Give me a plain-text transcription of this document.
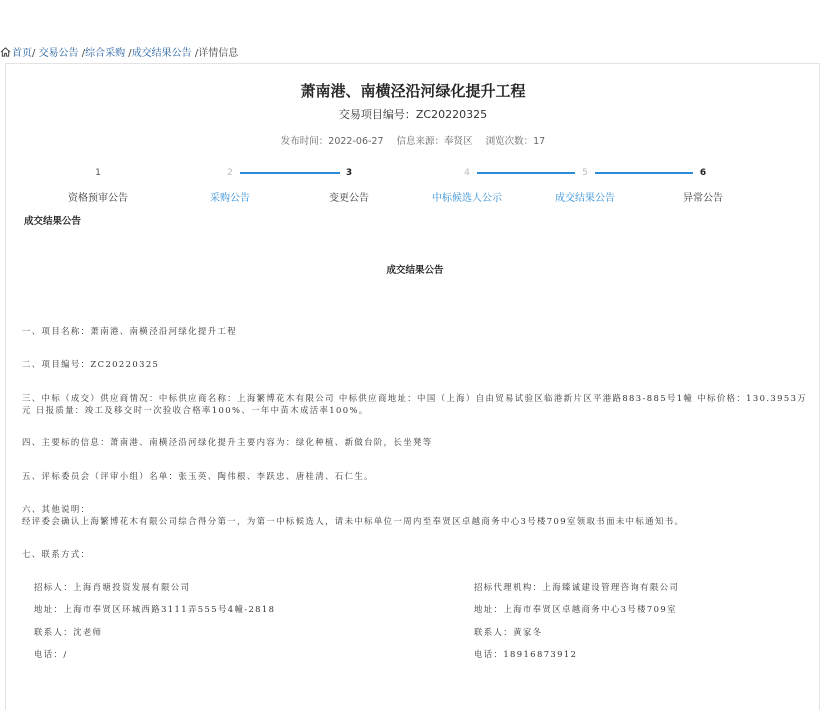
首页/ 交易公告 /综合采购 /成交结果公告 /详情信息
萧南港、南横泾沿河绿化提升工程
交易项目编号：ZC20220325
发布时间：2022-06-27 信息来源：奉贤区 浏览次数：17
1	2	3	4	5	6
资格预审公告	采购公告	变更公告	中标候选人公示	成交结果公告	异常公告
成交结果公告
成交结果公告
一、项目名称：萧南港、南横泾沿河绿化提升工程
二、项目编号：ZC20220325
三、中标（成交）供应商情况：中标供应商名称：上海繁博花木有限公司 中标供应商地址：中国（上海）自由贸易试验区临港新片区平港路883-885号1幢 中标价格：130.3953万元 日报质量：竣工及移交时一次验收合格率100%、一年中苗木成活率100%。
四、主要标的信息：萧南港、南横泾沿河绿化提升主要内容为：绿化种植、新做台阶，长坐凳等
五、评标委员会（评审小组）名单：张玉英、陶伟根、李跃忠、唐桂清、石仁生。
六、其他说明：
经评委会确认上海繁博花木有限公司综合得分第一，为第一中标候选人，请未中标单位一周内至奉贤区卓越商务中心3号楼709室领取书面未中标通知书。
七、联系方式：
招标人：上海肖塘投资发展有限公司
地址：上海市奉贤区环城西路3111弄555号4幢-2818
联系人：沈老师
电话：/
招标代理机构：上海臻诚建设管理咨询有限公司
地址：上海市奉贤区卓越商务中心3号楼709室
联系人：黄家冬
电话：18916873912
